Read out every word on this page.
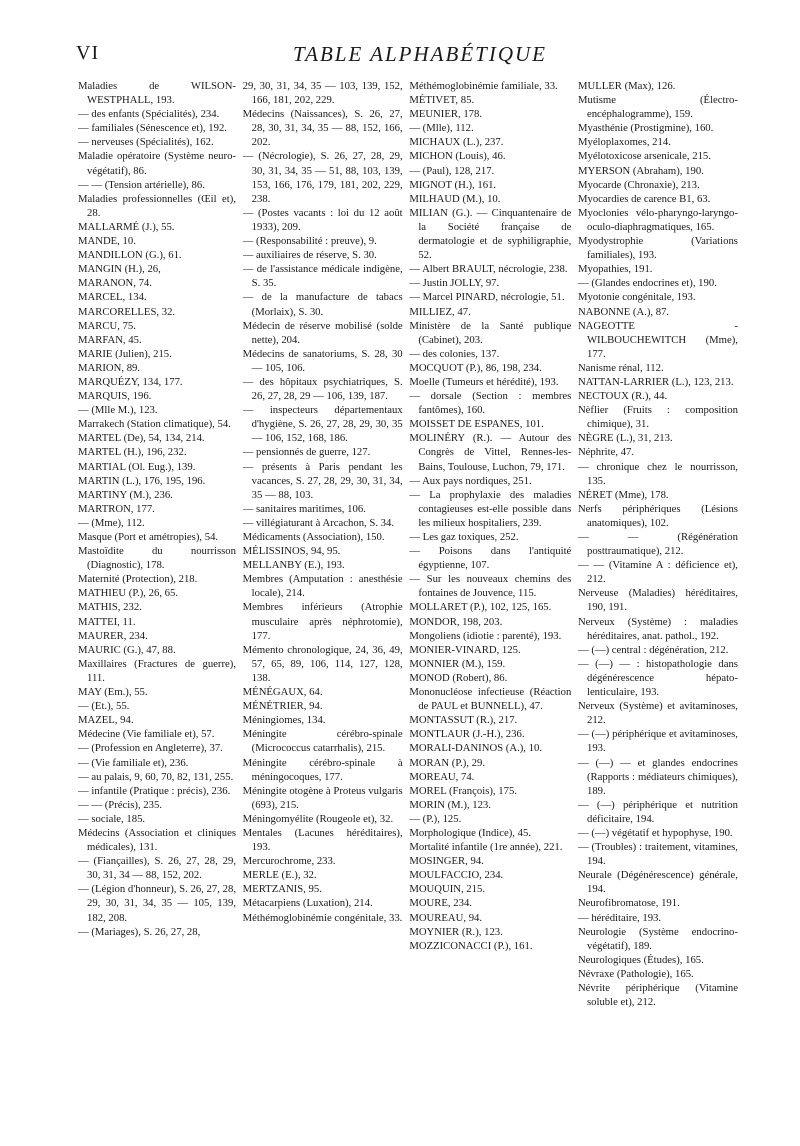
VI	TABLE ALPHABÉTIQUE

Maladies de WILSON-WESTPHALL, 193.

— des enfants (Spécialités), 234.

— familiales (Sénescence et), 192.

— nerveuses (Spécialités), 162.

Maladie opératoire (Système neuro-végétatif), 86.

— — (Tension artérielle), 86.

Maladies professionnelles (Œil et), 28.

MALLARMÉ (J.), 55.

MANDE, 10.

MANDILLON (G.), 61.

MANGIN (H.), 26,

MARANON, 74.

MARCEL, 134.

MARCORELLES, 32.

MARCU, 75.

MARFAN, 45.

MARIE (Julien), 215.

MARION, 89.

MARQUÉZY, 134, 177.

MARQUIS, 196.

— (Mlle M.), 123.

Marrakech (Station climatique), 54.

MARTEL (De), 54, 134, 214.

MARTEL (H.), 196, 232.

MARTIAL (Ol. Eug.), 139.

MARTIN (L.), 176, 195, 196.

MARTINY (M.), 236.

MARTRON, 177.

— (Mme), 112.

Masque (Port et amétropies), 54.

Mastoïdite du nourrisson (Diagnostic), 178.

Maternité (Protection), 218.

MATHIEU (P.), 26, 65.

MATHIS, 232.

MATTEI, 11.

MAURER, 234.

MAURIC (G.), 47, 88.

Maxillaires (Fractures de guerre), 111.

MAY (Em.), 55.

— (Et.), 55.

MAZEL, 94.

Médecine (Vie familiale et), 57.

— (Profession en Angleterre), 37.

— (Vie familiale et), 236.

— au palais, 9, 60, 70, 82, 131, 255.

— infantile (Pratique : précis), 236.

— — (Précis), 235.

— sociale, 185.

Médecins (Association et cliniques médicales), 131.

— (Fiançailles), S. 26, 27, 28, 29, 30, 31, 34 — 88, 152, 202.

— (Légion d'honneur), S. 26, 27, 28, 29, 30, 31, 34, 35 — 105, 139, 182, 208.

— (Mariages), S. 26, 27, 28,

29, 30, 31, 34, 35 — 103, 139, 152, 166, 181, 202, 229.

Médecins (Naissances), S. 26, 27, 28, 30, 31, 34, 35 — 88, 152, 166, 202.

— (Nécrologie), S. 26, 27, 28, 29, 30, 31, 34, 35 — 51, 88, 103, 139, 153, 166, 176, 179, 181, 202, 229, 238.

— (Postes vacants : loi du 12 août 1933), 209.

— (Responsabilité : preuve), 9.

— auxiliaires de réserve, S. 30.

— de l'assistance médicale indigène, S. 35.

— de la manufacture de tabacs (Morlaix), S. 30.

Médecin de réserve mobilisé (solde nette), 204.

Médecins de sanatoriums, S. 28, 30 — 105, 106.

— des hôpitaux psychiatriques, S. 26, 27, 28, 29 — 106, 139, 187.

— inspecteurs départementaux d'hygiène, S. 26, 27, 28, 29, 30, 35 — 106, 152, 168, 186.

— pensionnés de guerre, 127.

— présents à Paris pendant les vacances, S. 27, 28, 29, 30, 31, 34, 35 — 88, 103.

— sanitaires maritimes, 106.

— villégiaturant à Arcachon, S. 34.

Médicaments (Association), 150.

MÉLISSINOS, 94, 95.

MELLANBY (E.), 193.

Membres (Amputation : anesthésie locale), 214.

Membres inférieurs (Atrophie musculaire après néphrotomie), 177.

Mémento chronologique, 24, 36, 49, 57, 65, 89, 106, 114, 127, 128, 138.

MÉNÉGAUX, 64.

MÉNÉTRIER, 94.

Méningiomes, 134.

Méningite cérébro-spinale (Micrococcus catarrhalis), 215.

Méningite cérébro-spinale à méningocoques, 177.

Méningite otogène à Proteus vulgaris (693), 215.

Méningomyélite (Rougeole et), 32.

Mentales (Lacunes héréditaires), 193.

Mercurochrome, 233.

MERLE (E.), 32.

MERTZANIS, 95.

Métacarpiens (Luxation), 214.

Méthémoglobinémie congénitale, 33.

Méthémoglobinémie familiale, 33.

MÉTIVET, 85.

MEUNIER, 178.

— (Mlle), 112.

MICHAUX (L.), 237.

MICHON (Louis), 46.

— (Paul), 128, 217.

MIGNOT (H.), 161.

MILHAUD (M.), 10.

MILIAN (G.). — Cinquantenaire de la Société française de dermatologie et de syphiligraphie, 52.

— Albert BRAULT, nécrologie, 238.

— Justin JOLLY, 97.

— Marcel PINARD, nécrologie, 51.

MILLIEZ, 47.

Ministère de la Santé publique (Cabinet), 203.

— des colonies, 137.

MOCQUOT (P.), 86, 198, 234.

Moelle (Tumeurs et hérédité), 193.

— dorsale (Section : membres fantômes), 160.

MOISSET DE ESPANES, 101.

MOLINÉRY (R.). — Autour des Congrès de Vittel, Rennes-les-Bains, Toulouse, Luchon, 79, 171.

— Aux pays nordiques, 251.

— La prophylaxie des maladies contagieuses est-elle possible dans les milieux hospitaliers, 239.

— Les gaz toxiques, 252.

— Poisons dans l'antiquité égyptienne, 107.

— Sur les nouveaux chemins des fontaines de Jouvence, 115.

MOLLARET (P.), 102, 125, 165.

MONDOR, 198, 203.

Mongoliens (idiotie : parenté), 193.

MONIER-VINARD, 125.

MONNIER (M.), 159.

MONOD (Robert), 86.

Mononucléose infectieuse (Réaction de PAUL et BUNNELL), 47.

MONTASSUT (R.), 217.

MONTLAUR (J.-H.), 236.

MORALI-DANINOS (A.), 10.

MORAN (P.), 29.

MOREAU, 74.

MOREL (François), 175.

MORIN (M.), 123.

— (P.), 125.

Morphologique (Indice), 45.

Mortalité infantile (1re année), 221.

MOSINGER, 94.

MOULFACCIO, 234.

MOUQUIN, 215.

MOURE, 234.

MOUREAU, 94.

MOYNIER (R.), 123.

MOZZICONACCI (P.), 161.

MULLER (Max), 126.

Mutisme (Électro-encéphalogramme), 159.

Myasthénie (Prostigmine), 160.

Myéloplaxomes, 214.

Myélotoxicose arsenicale, 215.

MYERSON (Abraham), 190.

Myocarde (Chronaxie), 213.

Myocardies de carence B1, 63.

Myoclonies vélo-pharyngo-laryngo-oculo-diaphragmatiques, 165.

Myodystrophie (Variations familiales), 193.

Myopathies, 191.

— (Glandes endocrines et), 190.

Myotonie congénitale, 193.

NABONNE (A.), 87.

NAGEOTTE - WILBOUCHEWITCH (Mme), 177.

Nanisme rénal, 112.

NATTAN-LARRIER (L.), 123, 213.

NECTOUX (R.), 44.

Nèflier (Fruits : composition chimique), 31.

NÈGRE (L.), 31, 213.

Néphrite, 47.

— chronique chez le nourrisson, 135.

NÉRET (Mme), 178.

Nerfs périphériques (Lésions anatomiques), 102.

— — (Régénération posttraumatique), 212.

— — (Vitamine A : déficience et), 212.

Nerveuse (Maladies) héréditaires, 190, 191.

Nerveux (Système) : maladies héréditaires, anat. pathol., 192.

— (—) central : dégénération, 212.

— (—) — : histopathologie dans dégénérescence hépato-lenticulaire, 193.

Nerveux (Système) et avitaminoses, 212.

— (—) périphérique et avitaminoses, 193.

— (—) — et glandes endocrines (Rapports : médiateurs chimiques), 189.

— (—) périphérique et nutrition déficitaire, 194.

— (—) végétatif et hypophyse, 190.

— (Troubles) : traitement, vitamines, 194.

Neurale (Dégénérescence) générale, 194.

Neurofibromatose, 191.

— héréditaire, 193.

Neurologie (Système endocrino-végétatif), 189.

Neurologiques (Études), 165.

Névraxe (Pathologie), 165.

Névrite périphérique (Vitamine soluble et), 212.
